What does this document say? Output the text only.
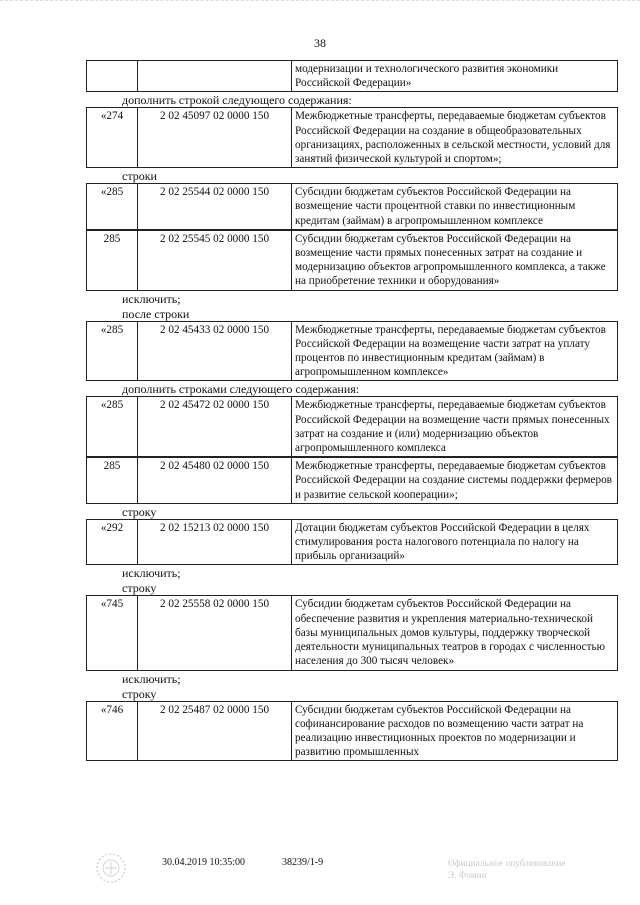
38
		модернизации и технологического развития экономики Российской Федерации»
дополнить строкой следующего содержания:
«274	2 02 45097 02 0000 150	Межбюджетные трансферты, передаваемые бюджетам субъектов Российской Федерации на создание в общеобразовательных организациях, расположенных в сельской местности, условий для занятий физической культурой и спортом»;
строки
«285	2 02 25544 02 0000 150	Субсидии бюджетам субъектов Российской Федерации на возмещение части процентной ставки по инвестиционным кредитам (займам) в агропромышленном комплексе
285	2 02 25545 02 0000 150	Субсидии бюджетам субъектов Российской Федерации на возмещение части прямых понесенных затрат на создание и модернизацию объектов агропромышленного комплекса, а также на приобретение техники и оборудования»
исключить;
после строки
«285	2 02 45433 02 0000 150	Межбюджетные трансферты, передаваемые бюджетам субъектов Российской Федерации на возмещение части затрат на уплату процентов по инвестиционным кредитам (займам) в агропромышленном комплексе»
дополнить строками следующего содержания:
«285	2 02 45472 02 0000 150	Межбюджетные трансферты, передаваемые бюджетам субъектов Российской Федерации на возмещение части прямых понесенных затрат на создание и (или) модернизацию объектов агропромышленного комплекса
285	2 02 45480 02 0000 150	Межбюджетные трансферты, передаваемые бюджетам субъектов Российской Федерации на создание системы поддержки фермеров и развитие сельской кооперации»;
строку
«292	2 02 15213 02 0000 150	Дотации бюджетам субъектов Российской Федерации в целях стимулирования роста налогового потенциала по налогу на прибыль организаций»
исключить;
строку
«745	2 02 25558 02 0000 150	Субсидии бюджетам субъектов Российской Федерации на обеспечение развития и укрепления материально-технической базы муниципальных домов культуры, поддержку творческой деятельности муниципальных театров в городах с численностью населения до 300 тысяч человек»
исключить;
строку
«746	2 02 25487 02 0000 150	Субсидии бюджетам субъектов Российской Федерации на софинансирование расходов по возмещению части затрат на реализацию инвестиционных проектов по модернизации и развитию промышленных
30.04.2019 10:35:00	38239/1-9	Официальное опубликование
Э. Фомин
